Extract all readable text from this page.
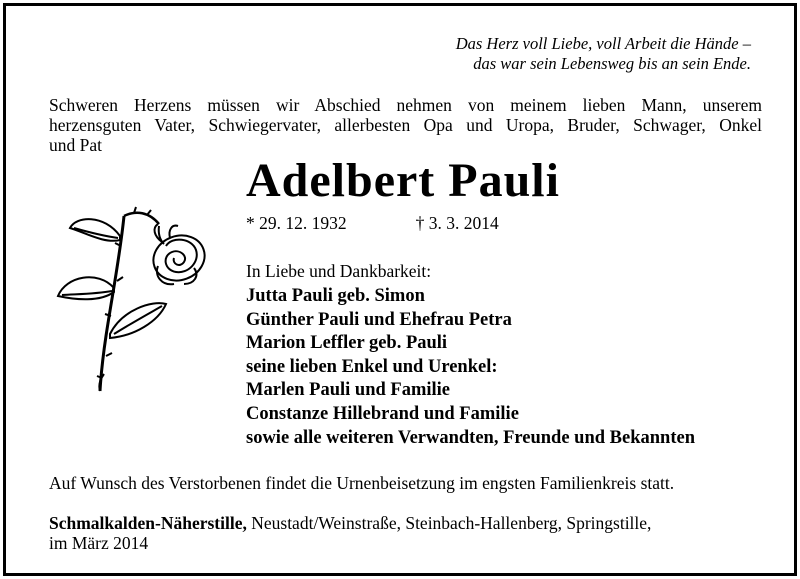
Das Herz voll Liebe, voll Arbeit die Hände –
das war sein Lebensweg bis an sein Ende.
Schweren Herzens müssen wir Abschied nehmen von meinem lieben Mann, unserem
herzensguten Vater, Schwiegervater, allerbesten Opa und Uropa, Bruder, Schwager, Onkel
und Pat
Adelbert Pauli
* 29. 12. 1932	† 3. 3. 2014
In Liebe und Dankbarkeit:
Jutta Pauli geb. Simon
Günther Pauli und Ehefrau Petra
Marion Leffler geb. Pauli
seine lieben Enkel und Urenkel:
Marlen Pauli und Familie
Constanze Hillebrand und Familie
sowie alle weiteren Verwandten, Freunde und Bekannten
Auf Wunsch des Verstorbenen findet die Urnenbeisetzung im engsten Familienkreis statt.
Schmalkalden-Näherstille, Neustadt/Weinstraße, Steinbach-Hallenberg, Springstille,
im März 2014
